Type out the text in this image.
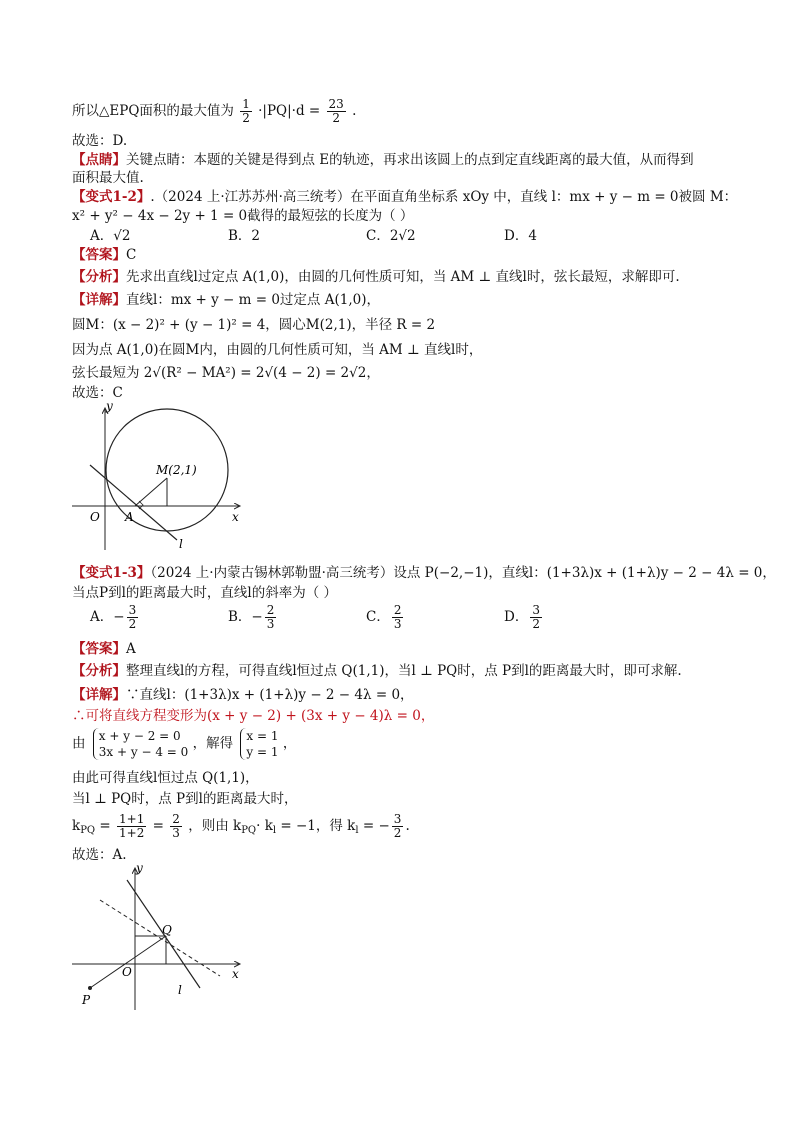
所以△EPQ面积的最大值为 $\frac{1}{2} \cdot|PQ|\cdot d = \frac{23}{2}$ .
故选：D.
【点睛】关键点睛：本题的关键是得到点 E的轨迹，再求出该圆上的点到定直线距离的最大值，从而得到
面积最大值.
【变式1-2】.（2024 上·江苏苏州·高三统考）在平面直角坐标系 xOy 中，直线 l：mx + y − m = 0被圆 M：
x² + y² − 4x − 2y + 1 = 0截得的最短弦的长度为（ ）
A．√2	B．2	C．2√2	D．4
【答案】C
【分析】先求出直线l过定点 A(1,0)，由圆的几何性质可知，当 AM ⊥ 直线l时，弦长最短，求解即可.
【详解】直线l：mx + y − m = 0过定点 A(1,0)，
圆M：(x − 2)² + (y − 1)² = 4，圆心M(2,1)，半径 R = 2
因为点 A(1,0)在圆M内，由圆的几何性质可知，当 AM ⊥ 直线l时，
弦长最短为 2√(R² − MA²) = 2√(4 − 2) = 2√2，
故选：C
y
x
O A
M(2,1)
l
【变式1-3】（2024 上·内蒙古锡林郭勒盟·高三统考）设点 P(−2,−1)，直线l：(1+3λ)x + (1+λ)y − 2 − 4λ = 0，
当点P到l的距离最大时，直线l的斜率为（ ）
A．− $\frac{3}{2}$	B．− $\frac{2}{3}$	C． $\frac{2}{3}$	D． $\frac{3}{2}$
【答案】A
【分析】整理直线l的方程，可得直线l恒过点 Q(1,1)，当l ⊥ PQ时，点 P到l的距离最大时，即可求解.
【详解】∵直线l：(1+3λ)x + (1+λ)y − 2 − 4λ = 0，
∴可将直线方程变形为(x + y − 2) + (3x + y − 4)λ = 0，
由 x + y − 2 = 0
3x + y − 4 = 0
，解得 x = 1
y = 1
，
由此可得直线l恒过点 Q(1,1)，
当l ⊥ PQ时，点 P到l的距离最大时，
$k_{PQ} = \frac{1+1}{1+2} = \frac{2}{3}$ ，则由 $k_{PQ}\cdot k_l = -1$，得 $k_l$ = − $\frac{3}{2}$ .
故选：A.
y
x
O
Q
P
l
